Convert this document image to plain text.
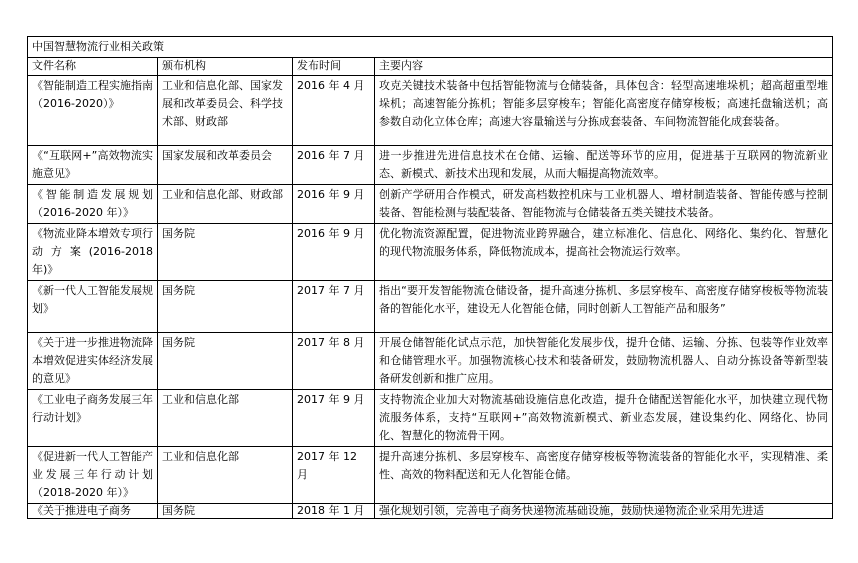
中国智慧物流行业相关政策			
文件名称	颁布机构	发布时间	主要内容
《智能制造工程实施指南（2016-2020）》	工业和信息化部、国家发展和改革委员会、科学技术部、财政部	2016 年 4 月	攻克关键技术装备中包括智能物流与仓储装备，具体包含：轻型高速堆垛机；超高超重型堆垛机；高速智能分拣机；智能多层穿梭车；智能化高密度存储穿梭板；高速托盘输送机；高参数自动化立体仓库；高速大容量输送与分拣成套装备、车间物流智能化成套装备。
《“互联网+”高效物流实施意见》	国家发展和改革委员会	2016 年 7 月	进一步推进先进信息技术在仓储、运输、配送等环节的应用，促进基于互联网的物流新业态、新模式、新技术出现和发展，从而大幅提高物流效率。
《智能制造发展规划（2016-2020 年）》	工业和信息化部、财政部	2016 年 9 月	创新产学研用合作模式，研发高档数控机床与工业机器人、增材制造装备、智能传感与控制装备、智能检测与装配装备、智能物流与仓储装备五类关键技术装备。
《物流业降本增效专项行动方案(2016-2018 年)》	国务院	2016 年 9 月	优化物流资源配置，促进物流业跨界融合，建立标准化、信息化、网络化、集约化、智慧化的现代物流服务体系，降低物流成本，提高社会物流运行效率。
《新一代人工智能发展规划》	国务院	2017 年 7 月	指出“要开发智能物流仓储设备，提升高速分拣机、多层穿梭车、高密度存储穿梭板等物流装备的智能化水平，建设无人化智能仓储，同时创新人工智能产品和服务”
《关于进一步推进物流降本增效促进实体经济发展的意见》	国务院	2017 年 8 月	开展仓储智能化试点示范，加快智能化发展步伐，提升仓储、运输、分拣、包装等作业效率和仓储管理水平。加强物流核心技术和装备研发，鼓励物流机器人、自动分拣设备等新型装备研发创新和推广应用。
《工业电子商务发展三年行动计划》	工业和信息化部	2017 年 9 月	支持物流企业加大对物流基础设施信息化改造，提升仓储配送智能化水平，加快建立现代物流服务体系，支持“互联网+”高效物流新模式、新业态发展，建设集约化、网络化、协同化、智慧化的物流骨干网。
《促进新一代人工智能产业发展三年行动计划（2018-2020 年）》	工业和信息化部	2017 年 12 月	提升高速分拣机、多层穿梭车、高密度存储穿梭板等物流装备的智能化水平，实现精准、柔性、高效的物料配送和无人化智能仓储。
《关于推进电子商务	国务院	2018 年 1 月	强化规划引领，完善电子商务快递物流基础设施，鼓励快递物流企业采用先进适
